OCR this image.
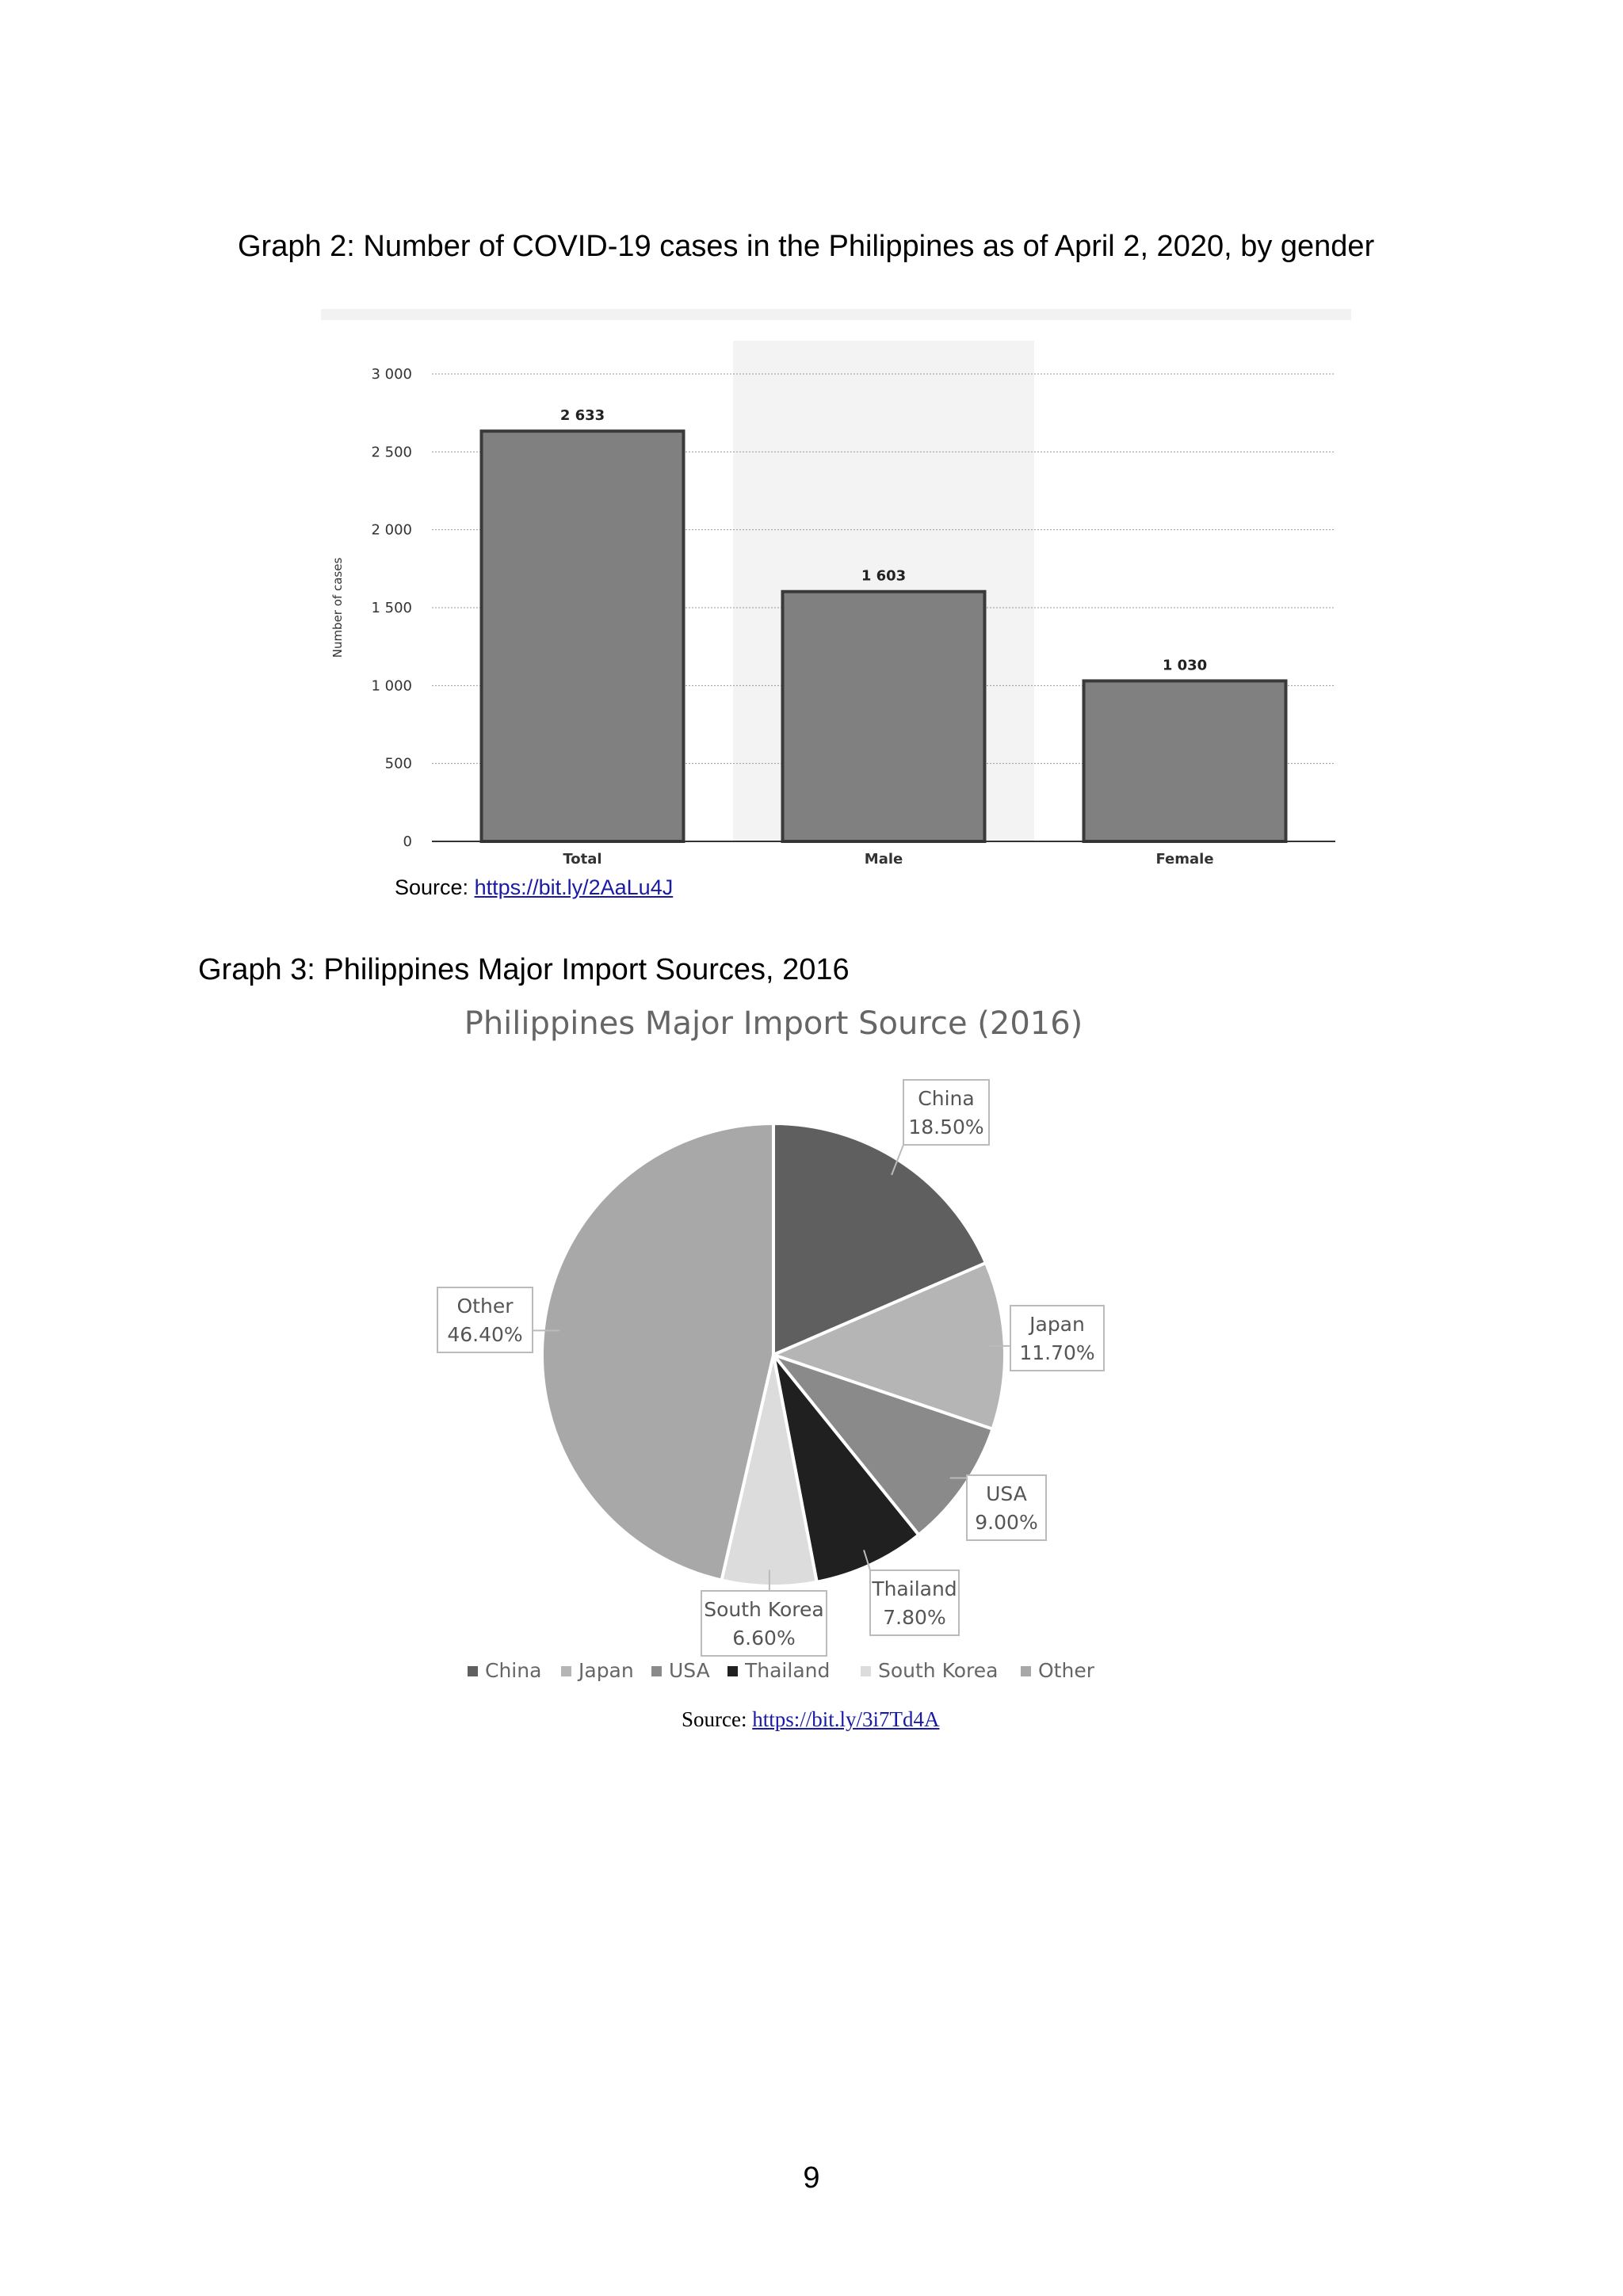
Graph 2: Number of COVID-19 cases in the Philippines as of April 2, 2020, by gender
0
500
1 000
1 500
2 000
2 500
3 000
2 633
Total
1 603
Male
1 030
Female
Number of cases
Source: https://bit.ly/2AaLu4J
Graph 3: Philippines Major Import Sources, 2016
Philippines Major Import Source (2016)
China
18.50%
Japan
11.70%
USA
9.00%
Thailand
7.80%
South Korea
6.60%
Other
46.40%
China Japan USA Thailand South Korea Other
Source: https://bit.ly/3i7Td4A
9
